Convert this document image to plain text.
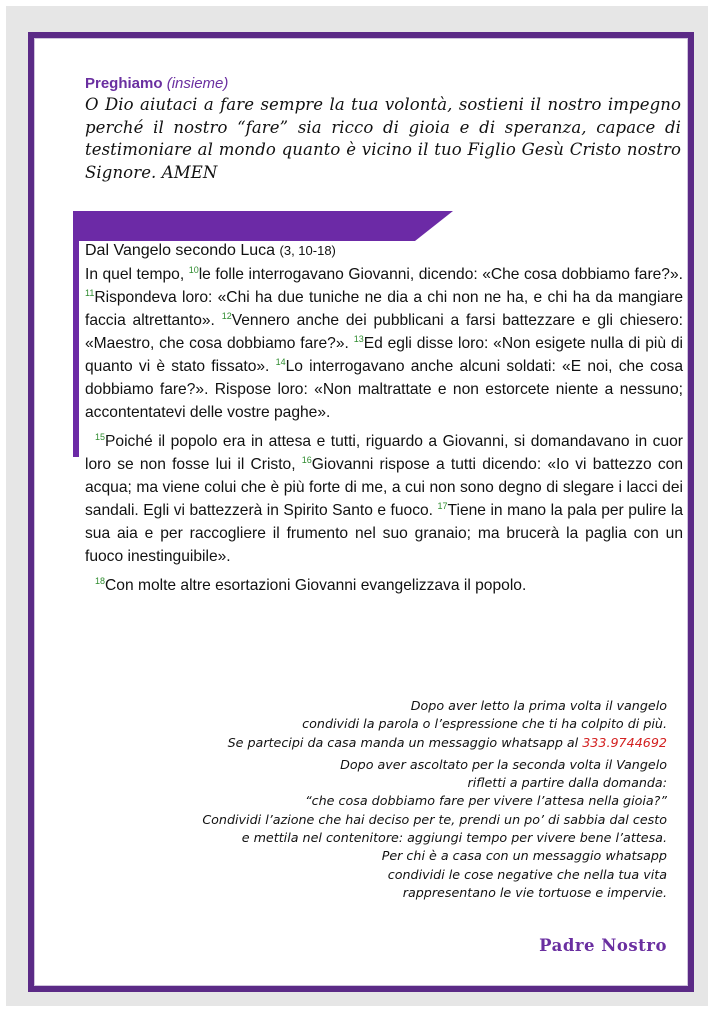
Preghiamo (insieme)
O Dio aiutaci a fare sempre la tua volontà, sostieni il nostro impegno perché il nostro “fare” sia ricco di gioia e di speranza, capace di testimoniare al mondo quanto è vicino il tuo Figlio Gesù Cristo nostro Signore. AMEN
Dal Vangelo secondo Luca (3, 10-18)

In quel tempo, $^{10}$le folle interrogavano Giovanni, dicendo: «Che cosa dobbiamo fare?». $^{11}$Rispondeva loro: «Chi ha due tuniche ne dia a chi non ne ha, e chi ha da mangiare faccia altrettanto». $^{12}$Vennero anche dei pubblicani a farsi battezzare e gli chiesero: «Maestro, che cosa dobbiamo fare?». $^{13}$Ed egli disse loro: «Non esigete nulla di più di quanto vi è stato fissato». $^{14}$Lo interrogavano anche alcuni soldati: «E noi, che cosa dobbiamo fare?». Rispose loro: «Non maltrattate e non estorcete niente a nessuno; accontentatevi delle vostre paghe».

$^{15}$Poiché il popolo era in attesa e tutti, riguardo a Giovanni, si domandavano in cuor loro se non fosse lui il Cristo, $^{16}$Giovanni rispose a tutti dicendo: «Io vi battezzo con acqua; ma viene colui che è più forte di me, a cui non sono degno di slegare i lacci dei sandali. Egli vi battezzerà in Spirito Santo e fuoco. $^{17}$Tiene in mano la pala per pulire la sua aia e per raccogliere il frumento nel suo granaio; ma brucerà la paglia con un fuoco inestinguibile».

$^{18}$Con molte altre esortazioni Giovanni evangelizzava il popolo.

Dopo aver letto la prima volta il vangelo
condividi la parola o l’espressione che ti ha colpito di più.
Se partecipi da casa manda un messaggio whatsapp al 333.9744692
Dopo aver ascoltato per la seconda volta il Vangelo
rifletti a partire dalla domanda:
“che cosa dobbiamo fare per vivere l’attesa nella gioia?”
Condividi l’azione che hai deciso per te, prendi un po’ di sabbia dal cesto
e mettila nel contenitore: aggiungi tempo per vivere bene l’attesa.
Per chi è a casa con un messaggio whatsapp
condividi le cose negative che nella tua vita
rappresentano le vie tortuose e impervie.
Padre Nostro
